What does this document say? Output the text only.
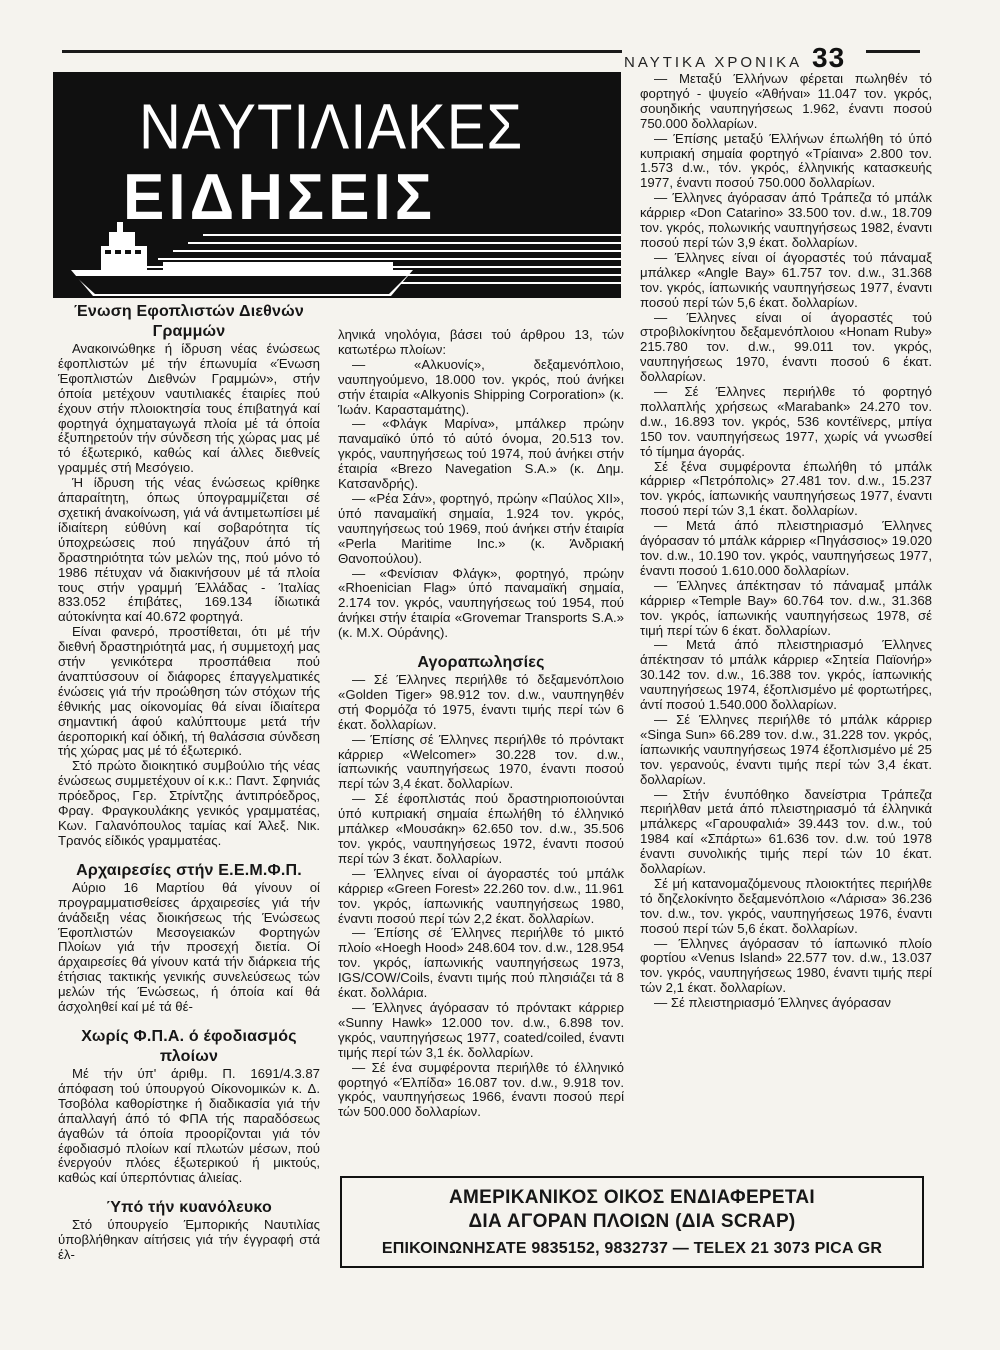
ΝΑΥΤΙΚΑ ΧΡΟΝΙΚΑ 33
ΝΑΥΤΙΛΙΑΚΕΣ
ΕΙΔΗΣΕΙΣ
Ένωση Εφοπλιστών Διεθνών Γραμμών

Ανακοινώθηκε ή ίδρυση νέας ένώσεως έφοπλιστών μέ τήν έπωνυμία «Ένωση Έφοπλιστών Διεθνών Γραμμών», στήν όποία μετέχουν ναυτιλιακές έταιρίες πού έχουν στήν πλοιοκτησία τους έπιβατηγά καί φορτηγά όχηματαγωγά πλοία μέ τά όποία έξυπηρετούν τήν σύνδεση τής χώρας μας μέ τό έξωτερικό, καθώς καί άλλες διεθνείς γραμμές στή Μεσόγειο.

Ή ίδρυση τής νέας ένώσεως κρίθηκε άπαραίτητη, όπως ύπογραμμίζεται σέ σχετική άνακοίνωση, γιά νά άντιμετωπίσει μέ ίδιαίτερη εύθύνη καί σοβαρότητα τίς ύποχρεώσεις πού πηγάζουν άπό τή δραστηριότητα τών μελών της, πού μόνο τό 1986 πέτυχαν νά διακινήσουν μέ τά πλοία τους στήν γραμμή Έλλάδας - Ίταλίας 833.052 έπιβάτες, 169.134 ίδιωτικά αύτοκίνητα καί 40.672 φορτηγά.

Είναι φανερό, προστίθεται, ότι μέ τήν διεθνή δραστηριότητά μας, ή συμμετοχή μας στήν γενικότερα προσπάθεια πού άναπτύσσουν οί διάφορες έπαγγελματικές ένώσεις γιά τήν προώθηση τών στόχων τής έθνικής μας οίκονομίας θά είναι ίδιαίτερα σημαντική άφού καλύπτουμε μετά τήν άεροπορική καί όδική, τή θαλάσσια σύνδεση τής χώρας μας μέ τό έξωτερικό.

Στό πρώτο διοικητικό συμβούλιο τής νέας ένώσεως συμμετέχουν οί κ.κ.: Παντ. Σφηνιάς πρόεδρος, Γερ. Στρίντζης άντιπρόεδρος, Φραγ. Φραγκουλάκης γενικός γραμματέας, Κων. Γαλανόπουλος ταμίας καί Άλεξ. Νικ. Τρανός είδικός γραμματέας.

Αρχαιρεσίες στήν Ε.Ε.Μ.Φ.Π.

Αύριο 16 Μαρτίου θά γίνουν οί προγραμματισθείσες άρχαιρεσίες γιά τήν άνάδειξη νέας διοικήσεως τής Ένώσεως Έφοπλιστών Μεσογειακών Φορτηγών Πλοίων γιά τήν προσεχή διετία. Οί άρχαιρεσίες θά γίνουν κατά τήν διάρκεια τής έτήσιας τακτικής γενικής συνελεύσεως τών μελών τής Ένώσεως, ή όποία καί θά άσχοληθεί καί μέ τά θέ-

Χωρίς Φ.Π.Α. ό έφοδιασμός πλοίων

Μέ τήν ύπ' άριθμ. Π. 1691/4.3.87 άπόφαση τού ύπουργού Οίκονομικών κ. Δ. Τσοβόλα καθορίστηκε ή διαδικασία γιά τήν άπαλλαγή άπό τό ΦΠΑ τής παραδόσεως άγαθών τά όποία προορίζονται γιά τόν έφοδιασμό πλοίων καί πλωτών μέσων, πού ένεργούν πλόες έξωτερικού ή μικτούς, καθώς καί ύπερπόντιας άλιείας.

Ύπό τήν κυανόλευκο

Στό ύπουργείο Έμπορικής Ναυτιλίας ύποβλήθηκαν αίτήσεις γιά τήν έγγραφή στά έλ-

ληνικά νηολόγια, βάσει τού άρθρου 13, τών κατωτέρω πλοίων:

— «Αλκυονίς», δεξαμενόπλοιο, ναυπηγούμενο, 18.000 τον. γκρός, πού άνήκει στήν έταιρία «Alkyonis Shipping Corporation» (κ. Ίωάν. Καρασταμάτης).

— «Φλάγκ Μαρίνα», μπάλκερ πρώην παναμαϊκό ύπό τό αύτό όνομα, 20.513 τον. γκρός, ναυπηγήσεως τού 1974, πού άνήκει στήν έταιρία «Brezo Navegation S.A.» (κ. Δημ. Κατσανδρής).

— «Ρέα Σάν», φορτηγό, πρώην «Παύλος ΧΙΙ», ύπό παναμαϊκή σημαία, 1.924 τον. γκρός, ναυπηγήσεως τού 1969, πού άνήκει στήν έταιρία «Perla Maritime Inc.» (κ. Άνδριακή Θανοπούλου).

— «Φενίσιαν Φλάγκ», φορτηγό, πρώην «Rhoenician Flag» ύπό παναμαϊκή σημαία, 2.174 τον. γκρός, ναυπηγήσεως τού 1954, πού άνήκει στήν έταιρία «Grovemar Transports S.A.» (κ. Μ.Χ. Ούράνης).

Αγοραπωλησίες

— Σέ Έλληνες περιήλθε τό δεξαμενόπλοιο «Golden Tiger» 98.912 τον. d.w., ναυπηγηθέν στή Φορμόζα τό 1975, έναντι τιμής περί τών 6 έκατ. δολλαρίων.

— Έπίσης σέ Έλληνες περιήλθε τό πρόντακτ κάρριερ «Welcomer» 30.228 τον. d.w., ίαπωνικής ναυπηγήσεως 1970, έναντι ποσού περί τών 3,4 έκατ. δολλαρίων.

— Σέ έφοπλιστάς πού δραστηριοποιούνται ύπό κυπριακή σημαία έπωλήθη τό έλληνικό μπάλκερ «Μουσάκη» 62.650 τον. d.w., 35.506 τον. γκρός, ναυπηγήσεως 1972, έναντι ποσού περί τών 3 έκατ. δολλαρίων.

— Έλληνες είναι οί άγοραστές τού μπάλκ κάρριερ «Green Forest» 22.260 τον. d.w., 11.961 τον. γκρός, ίαπωνικής ναυπηγήσεως 1980, έναντι ποσού περί τών 2,2 έκατ. δολλαρίων.

— Έπίσης σέ Έλληνες περιήλθε τό μικτό πλοίο «Hoegh Hood» 248.604 τον. d.w., 128.954 τον. γκρός, ίαπωνικής ναυπηγήσεως 1973, IGS/COW/Coils, έναντι τιμής πού πλησιάζει τά 8 έκατ. δολλάρια.

— Έλληνες άγόρασαν τό πρόντακτ κάρριερ «Sunny Hawk» 12.000 τον. d.w., 6.898 τον. γκρός, ναυπηγήσεως 1977, coated/coiled, έναντι τιμής περί τών 3,1 έκ. δολλαρίων.

— Σέ ένα συμφέροντα περιήλθε τό έλληνικό φορτηγό «Έλπίδα» 16.087 τον. d.w., 9.918 τον. γκρός, ναυπηγήσεως 1966, έναντι ποσού περί τών 500.000 δολλαρίων.

— Μεταξύ Έλλήνων φέρεται πωληθέν τό φορτηγό - ψυγείο «Άθήναι» 11.047 τον. γκρός, σουηδικής ναυπηγήσεως 1.962, έναντι ποσού 750.000 δολλαρίων.

— Έπίσης μεταξύ Έλλήνων έπωλήθη τό ύπό κυπριακή σημαία φορτηγό «Τρίαινα» 2.800 τον. 1.573 d.w., τόν. γκρός, έλληνικής κατασκευής 1977, έναντι ποσού 750.000 δολλαρίων.

— Έλληνες άγόρασαν άπό Τράπεζα τό μπάλκ κάρριερ «Don Catarino» 33.500 τον. d.w., 18.709 τον. γκρός, πολωνικής ναυπηγήσεως 1982, έναντι ποσού περί τών 3,9 έκατ. δολλαρίων.

— Έλληνες είναι οί άγοραστές τού πάναμαξ μπάλκερ «Angle Bay» 61.757 τον. d.w., 31.368 τον. γκρός, ίαπωνικής ναυπηγήσεως 1977, έναντι ποσού περί τών 5,6 έκατ. δολλαρίων.

— Έλληνες είναι οί άγοραστές τού στροβιλοκίνητου δεξαμενόπλοιου «Honam Ruby» 215.780 τον. d.w., 99.011 τον. γκρός, ναυπηγήσεως 1970, έναντι ποσού 6 έκατ. δολλαρίων.

— Σέ Έλληνες περιήλθε τό φορτηγό πολλαπλής χρήσεως «Marabank» 24.270 τον. d.w., 16.893 τον. γκρός, 536 κοντέϊνερς, μπίγα 150 τον. ναυπηγήσεως 1977, χωρίς νά γνωσθεί τό τίμημα άγοράς.

Σέ ξένα συμφέροντα έπωλήθη τό μπάλκ κάρριερ «Πετρόπολις» 27.481 τον. d.w., 15.237 τον. γκρός, ίαπωνικής ναυπηγήσεως 1977, έναντι ποσού περί τών 3,1 έκατ. δολλαρίων.

— Μετά άπό πλειστηριασμό Έλληνες άγόρασαν τό μπάλκ κάρριερ «Πηγάσσιος» 19.020 τον. d.w., 10.190 τον. γκρός, ναυπηγήσεως 1977, έναντι ποσού 1.610.000 δολλαρίων.

— Έλληνες άπέκτησαν τό πάναμαξ μπάλκ κάρριερ «Temple Bay» 60.764 τον. d.w., 31.368 τον. γκρός, ίαπωνικής ναυπηγήσεως 1978, σέ τιμή περί τών 6 έκατ. δολλαρίων.

— Μετά άπό πλειστηριασμό Έλληνες άπέκτησαν τό μπάλκ κάρριερ «Σητεία Παϊονήρ» 30.142 τον. d.w., 16.388 τον. γκρός, ίαπωνικής ναυπηγήσεως 1974, έξοπλισμένο μέ φορτωτήρες, άντί ποσού 1.540.000 δολλαρίων.

— Σέ Έλληνες περιήλθε τό μπάλκ κάρριερ «Singa Sun» 66.289 τον. d.w., 31.228 τον. γκρός, ίαπωνικής ναυπηγήσεως 1974 έξοπλισμένο μέ 25 τον. γερανούς, έναντι τιμής περί τών 3,4 έκατ. δολλαρίων.

— Στήν ένυπόθηκο δανείστρια Τράπεζα περιήλθαν μετά άπό πλειστηριασμό τά έλληνικά μπάλκερς «Γαρουφαλιά» 39.443 τον. d.w., τού 1984 καί «Σπάρτω» 61.636 τον. d.w. τού 1978 έναντι συνολικής τιμής περί τών 10 έκατ. δολλαρίων.

Σέ μή κατανομαζόμενους πλοιοκτήτες περιήλθε τό δηζελοκίνητο δεξαμενόπλοιο «Λάρισα» 36.236 τον. d.w., τον. γκρός, ναυπηγήσεως 1976, έναντι ποσού περί τών 5,6 έκατ. δολλαρίων.

— Έλληνες άγόρασαν τό ίαπωνικό πλοίο φορτίου «Venus Island» 22.577 τον. d.w., 13.037 τον. γκρός, ναυπηγήσεως 1980, έναντι τιμής περί τών 2,1 έκατ. δολλαρίων.

— Σέ πλειστηριασμό Έλληνες άγόρασαν

ΑΜΕΡΙΚΑΝΙΚΟΣ ΟΙΚΟΣ ΕΝΔΙΑΦΕΡΕΤΑΙ
ΔΙΑ ΑΓΟΡΑΝ ΠΛΟΙΩΝ (ΔΙΑ SCRAP)
ΕΠΙΚΟΙΝΩΝΗΣΑΤΕ 9835152, 9832737 — TELEX 21 3073 PICA GR
